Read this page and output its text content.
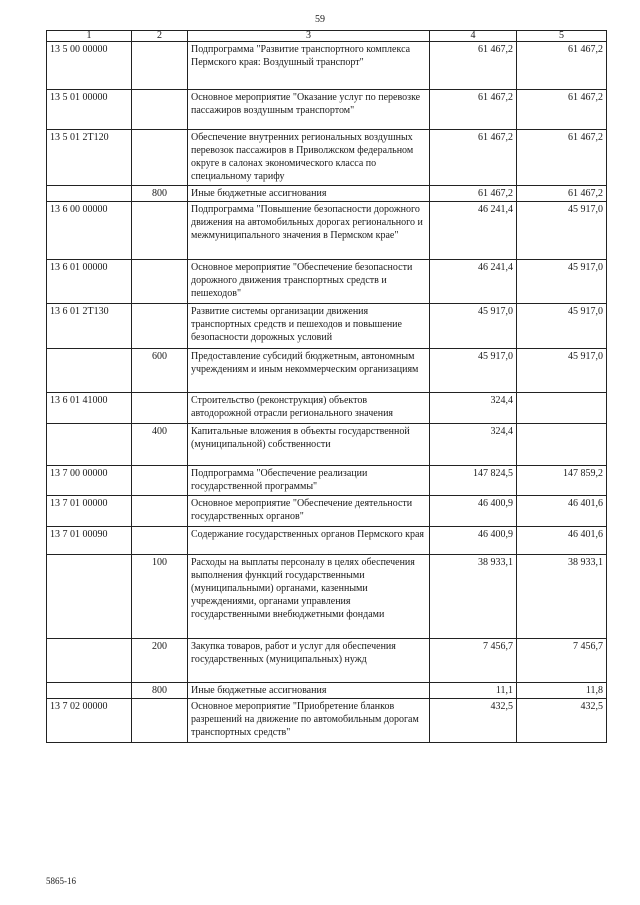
59
1	2	3	4	5
13 5 00 00000		Подпрограмма "Развитие транспортного комплекса Пермского края: Воздушный транспорт"	61 467,2	61 467,2
13 5 01 00000		Основное мероприятие "Оказание услуг по перевозке пассажиров воздушным транспортом"	61 467,2	61 467,2
13 5 01 2Т120		Обеспечение внутренних региональных воздушных перевозок пассажиров в Приволжском федеральном округе в салонах экономического класса по специальному тарифу	61 467,2	61 467,2
	800	Иные бюджетные ассигнования	61 467,2	61 467,2
13 6 00 00000		Подпрограмма "Повышение безопасности дорожного движения на автомобильных дорогах регионального и межмуниципального значения в Пермском крае"	46 241,4	45 917,0
13 6 01 00000		Основное мероприятие "Обеспечение безопасности дорожного движения транспортных средств и пешеходов"	46 241,4	45 917,0
13 6 01 2Т130		Развитие системы организации движения транспортных средств и пешеходов и повышение безопасности дорожных условий	45 917,0	45 917,0
	600	Предоставление субсидий бюджетным, автономным учреждениям и иным некоммерческим организациям	45 917,0	45 917,0
13 6 01 41000		Строительство (реконструкция) объектов автодорожной отрасли регионального значения	324,4	
	400	Капитальные вложения в объекты государственной (муниципальной) собственности	324,4	
13 7 00 00000		Подпрограмма "Обеспечение реализации государственной программы"	147 824,5	147 859,2
13 7 01 00000		Основное мероприятие "Обеспечение деятельности государственных органов"	46 400,9	46 401,6
13 7 01 00090		Содержание государственных органов Пермского края	46 400,9	46 401,6
	100	Расходы на выплаты персоналу в целях обеспечения выполнения функций государственными (муниципальными) органами, казенными учреждениями, органами управления государственными внебюджетными фондами	38 933,1	38 933,1
	200	Закупка товаров, работ и услуг для обеспечения государственных (муниципальных) нужд	7 456,7	7 456,7
	800	Иные бюджетные ассигнования	11,1	11,8
13 7 02 00000		Основное мероприятие "Приобретение бланков разрешений на движение по автомобильным дорогам транспортных средств"	432,5	432,5
5865-16
